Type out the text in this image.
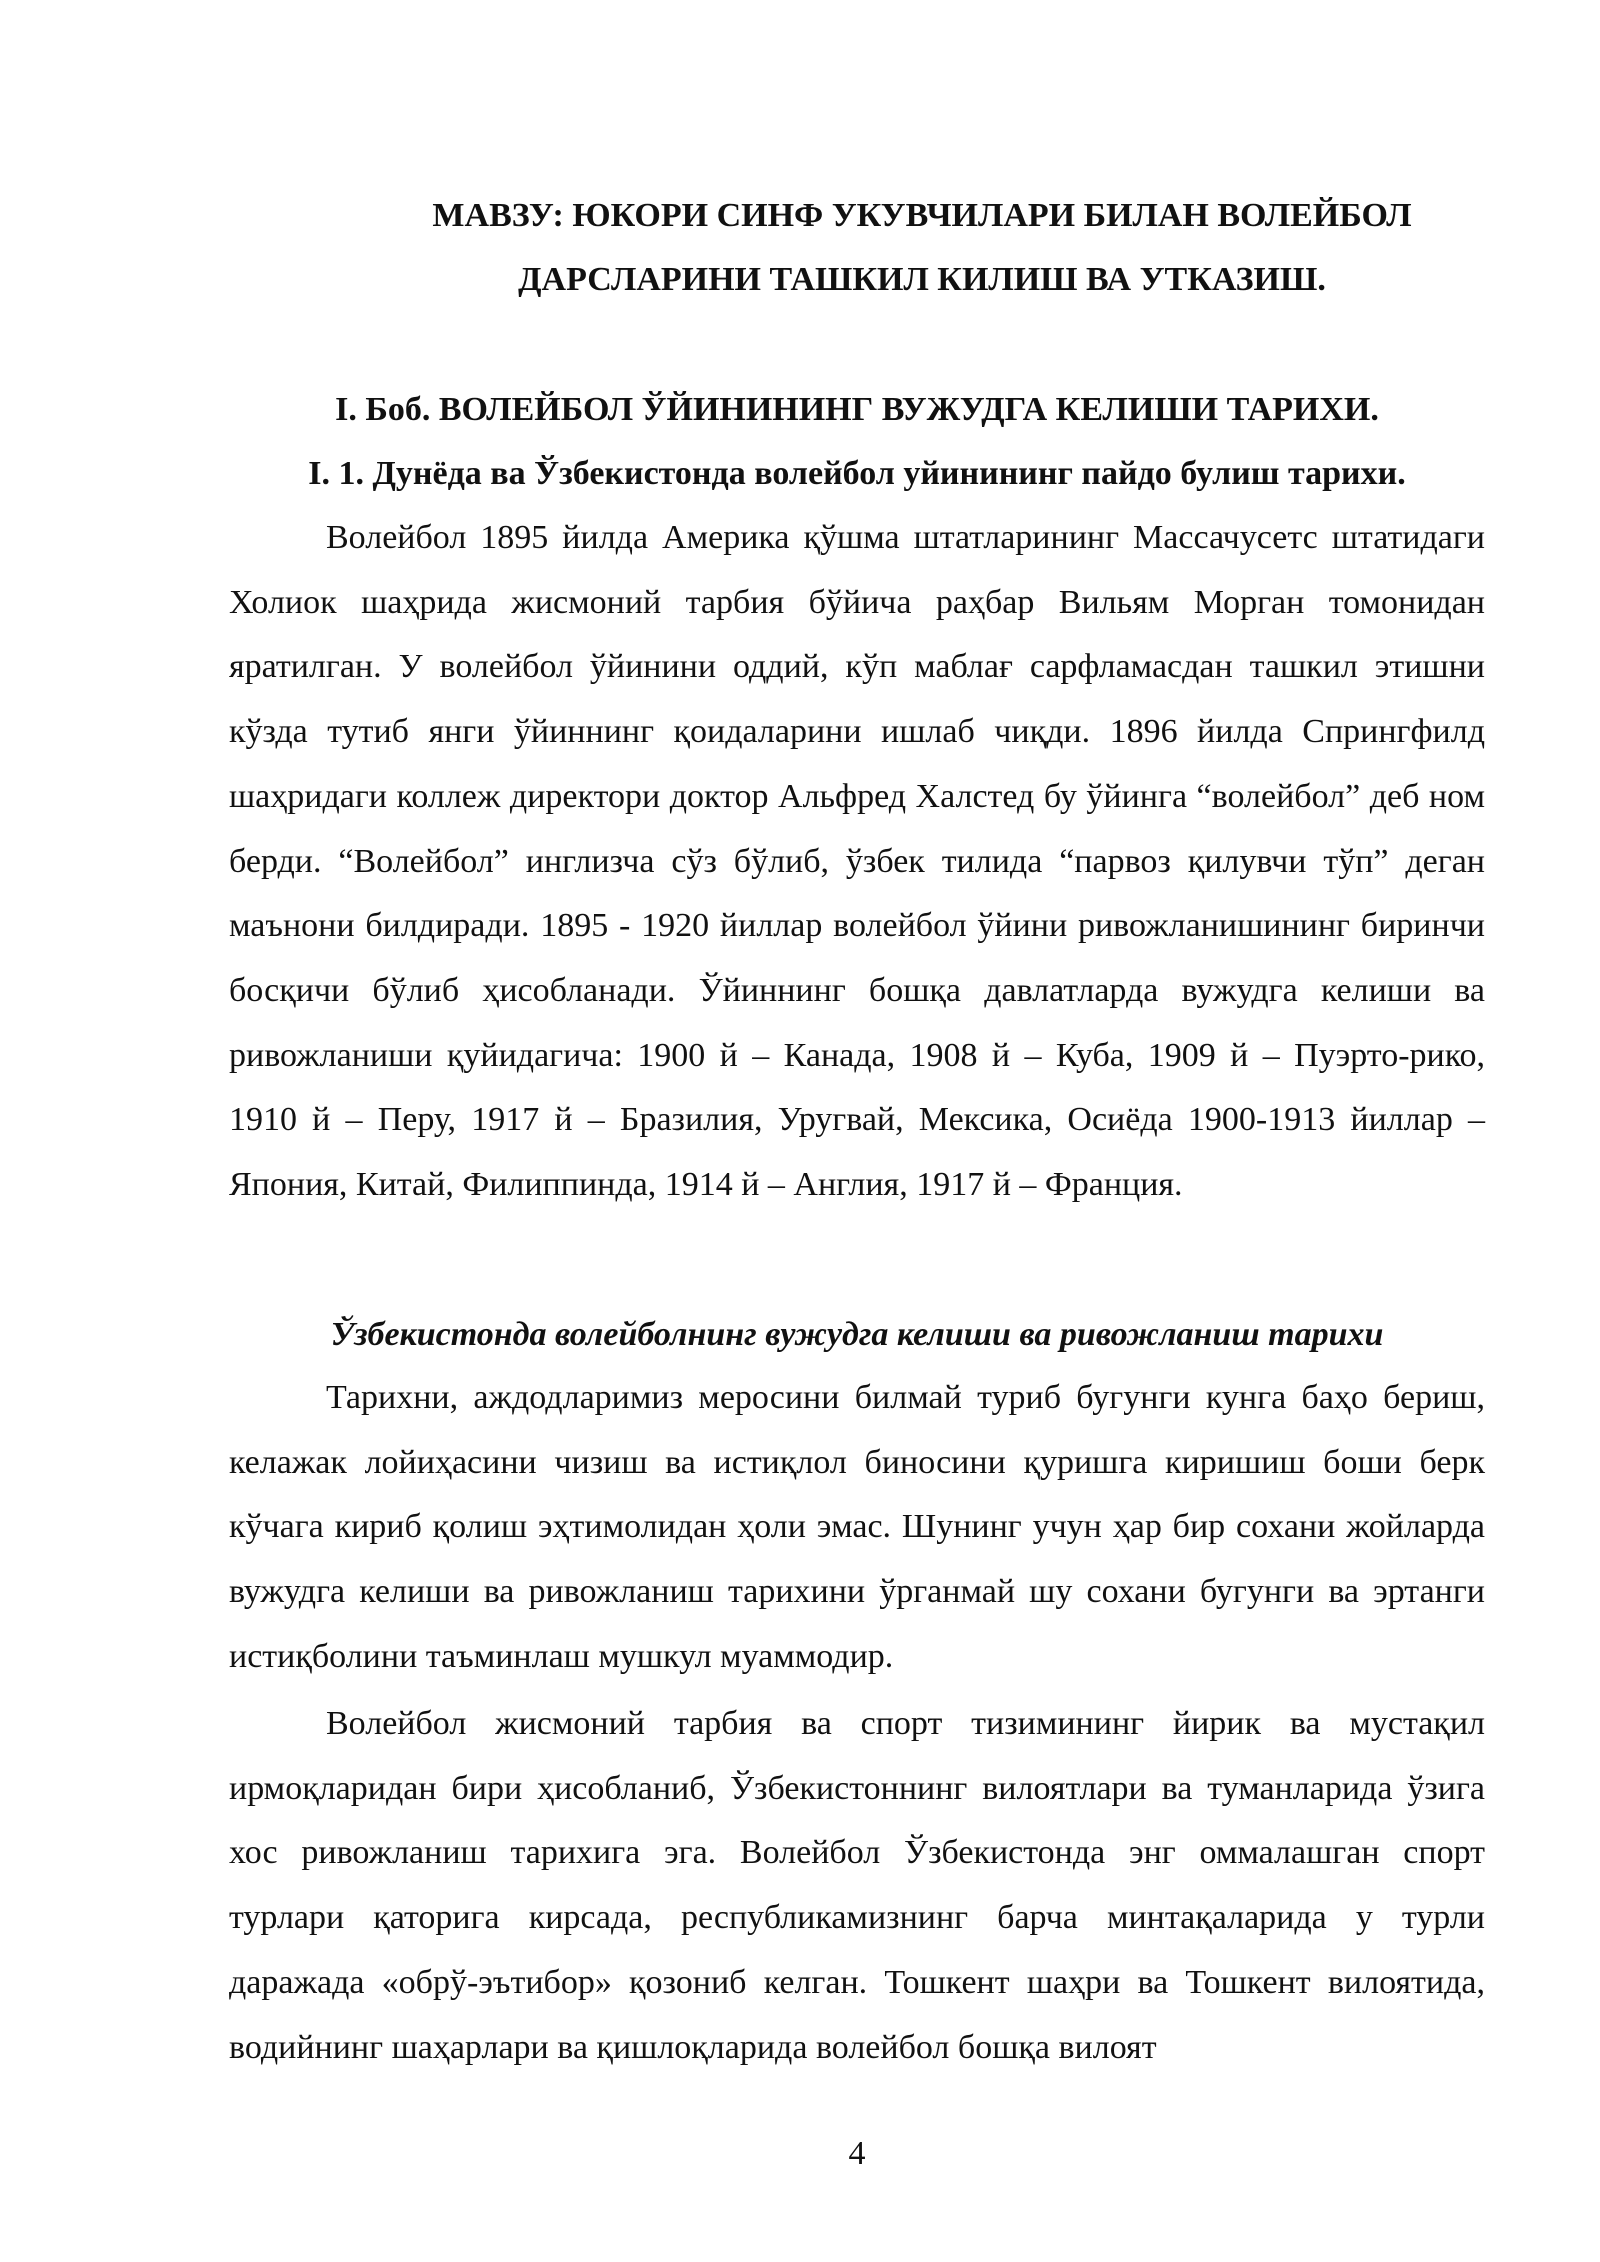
МАВЗУ: ЮКОРИ СИНФ УКУВЧИЛАРИ БИЛАН ВОЛЕЙБОЛ
ДАРСЛАРИНИ ТАШКИЛ КИЛИШ ВА УТКАЗИШ.
I. Боб. ВОЛЕЙБОЛ ЎЙИНИНИНГ ВУЖУДГА КЕЛИШИ ТАРИХИ.
I. 1. Дунёда ва Ўзбекистонда волейбол уйинининг пайдо булиш тарихи.

Волейбол 1895 йилда Америка қўшма штатларининг Массачусетс штатидаги Холиок шаҳрида жисмоний тарбия бўйича раҳбар Вильям Морган томонидан яратилган. У волейбол ўйинини оддий, кўп маблағ сарфламасдан ташкил этишни кўзда тутиб янги ўйиннинг қоидаларини ишлаб чиқди. 1896 йилда Спрингфилд шаҳридаги коллеж директори доктор Альфред Халстед бу ўйинга “волейбол” деб ном берди. “Волейбол” инглизча сўз бўлиб, ўзбек тилида “парвоз қилувчи тўп” деган маънони билдиради. 1895 - 1920 йиллар волейбол ўйини ривожланишининг биринчи босқичи бўлиб ҳисобланади. Ўйиннинг бошқа давлатларда вужудга келиши ва ривожланиши қуйидагича: 1900 й – Канада, 1908 й – Куба, 1909 й – Пуэрто-рико, 1910 й – Перу, 1917 й – Бразилия, Уругвай, Мексика, Осиёда 1900-1913 йиллар – Япония, Китай, Филиппинда, 1914 й – Англия, 1917 й – Франция.

Ўзбекистонда волейболнинг вужудга келиши ва ривожланиш тарихи

Тарихни, аждодларимиз меросини билмай туриб бугунги кунга баҳо бериш, келажак лойиҳасини чизиш ва истиқлол биносини қуришга киришиш боши берк кўчага кириб қолиш эҳтимолидан ҳоли эмас. Шунинг учун ҳар бир сохани жойларда вужудга келиши ва ривожланиш тарихини ўрганмай шу сохани бугунги ва эртанги истиқболини таъминлаш мушкул муаммодир.

Волейбол жисмоний тарбия ва спорт тизимининг йирик ва мустақил ирмоқларидан бири ҳисобланиб, Ўзбекистоннинг вилоятлари ва туманларида ўзига хос ривожланиш тарихига эга. Волейбол Ўзбекистонда энг оммалашган спорт турлари қаторига кирсада, республикамизнинг барча минтақаларида у турли даражада «обрў-эътибор» қозониб келган. Тошкент шаҳри ва Тошкент вилоятида, водийнинг шаҳарлари ва қишлоқларида волейбол бошқа вилоят

4
